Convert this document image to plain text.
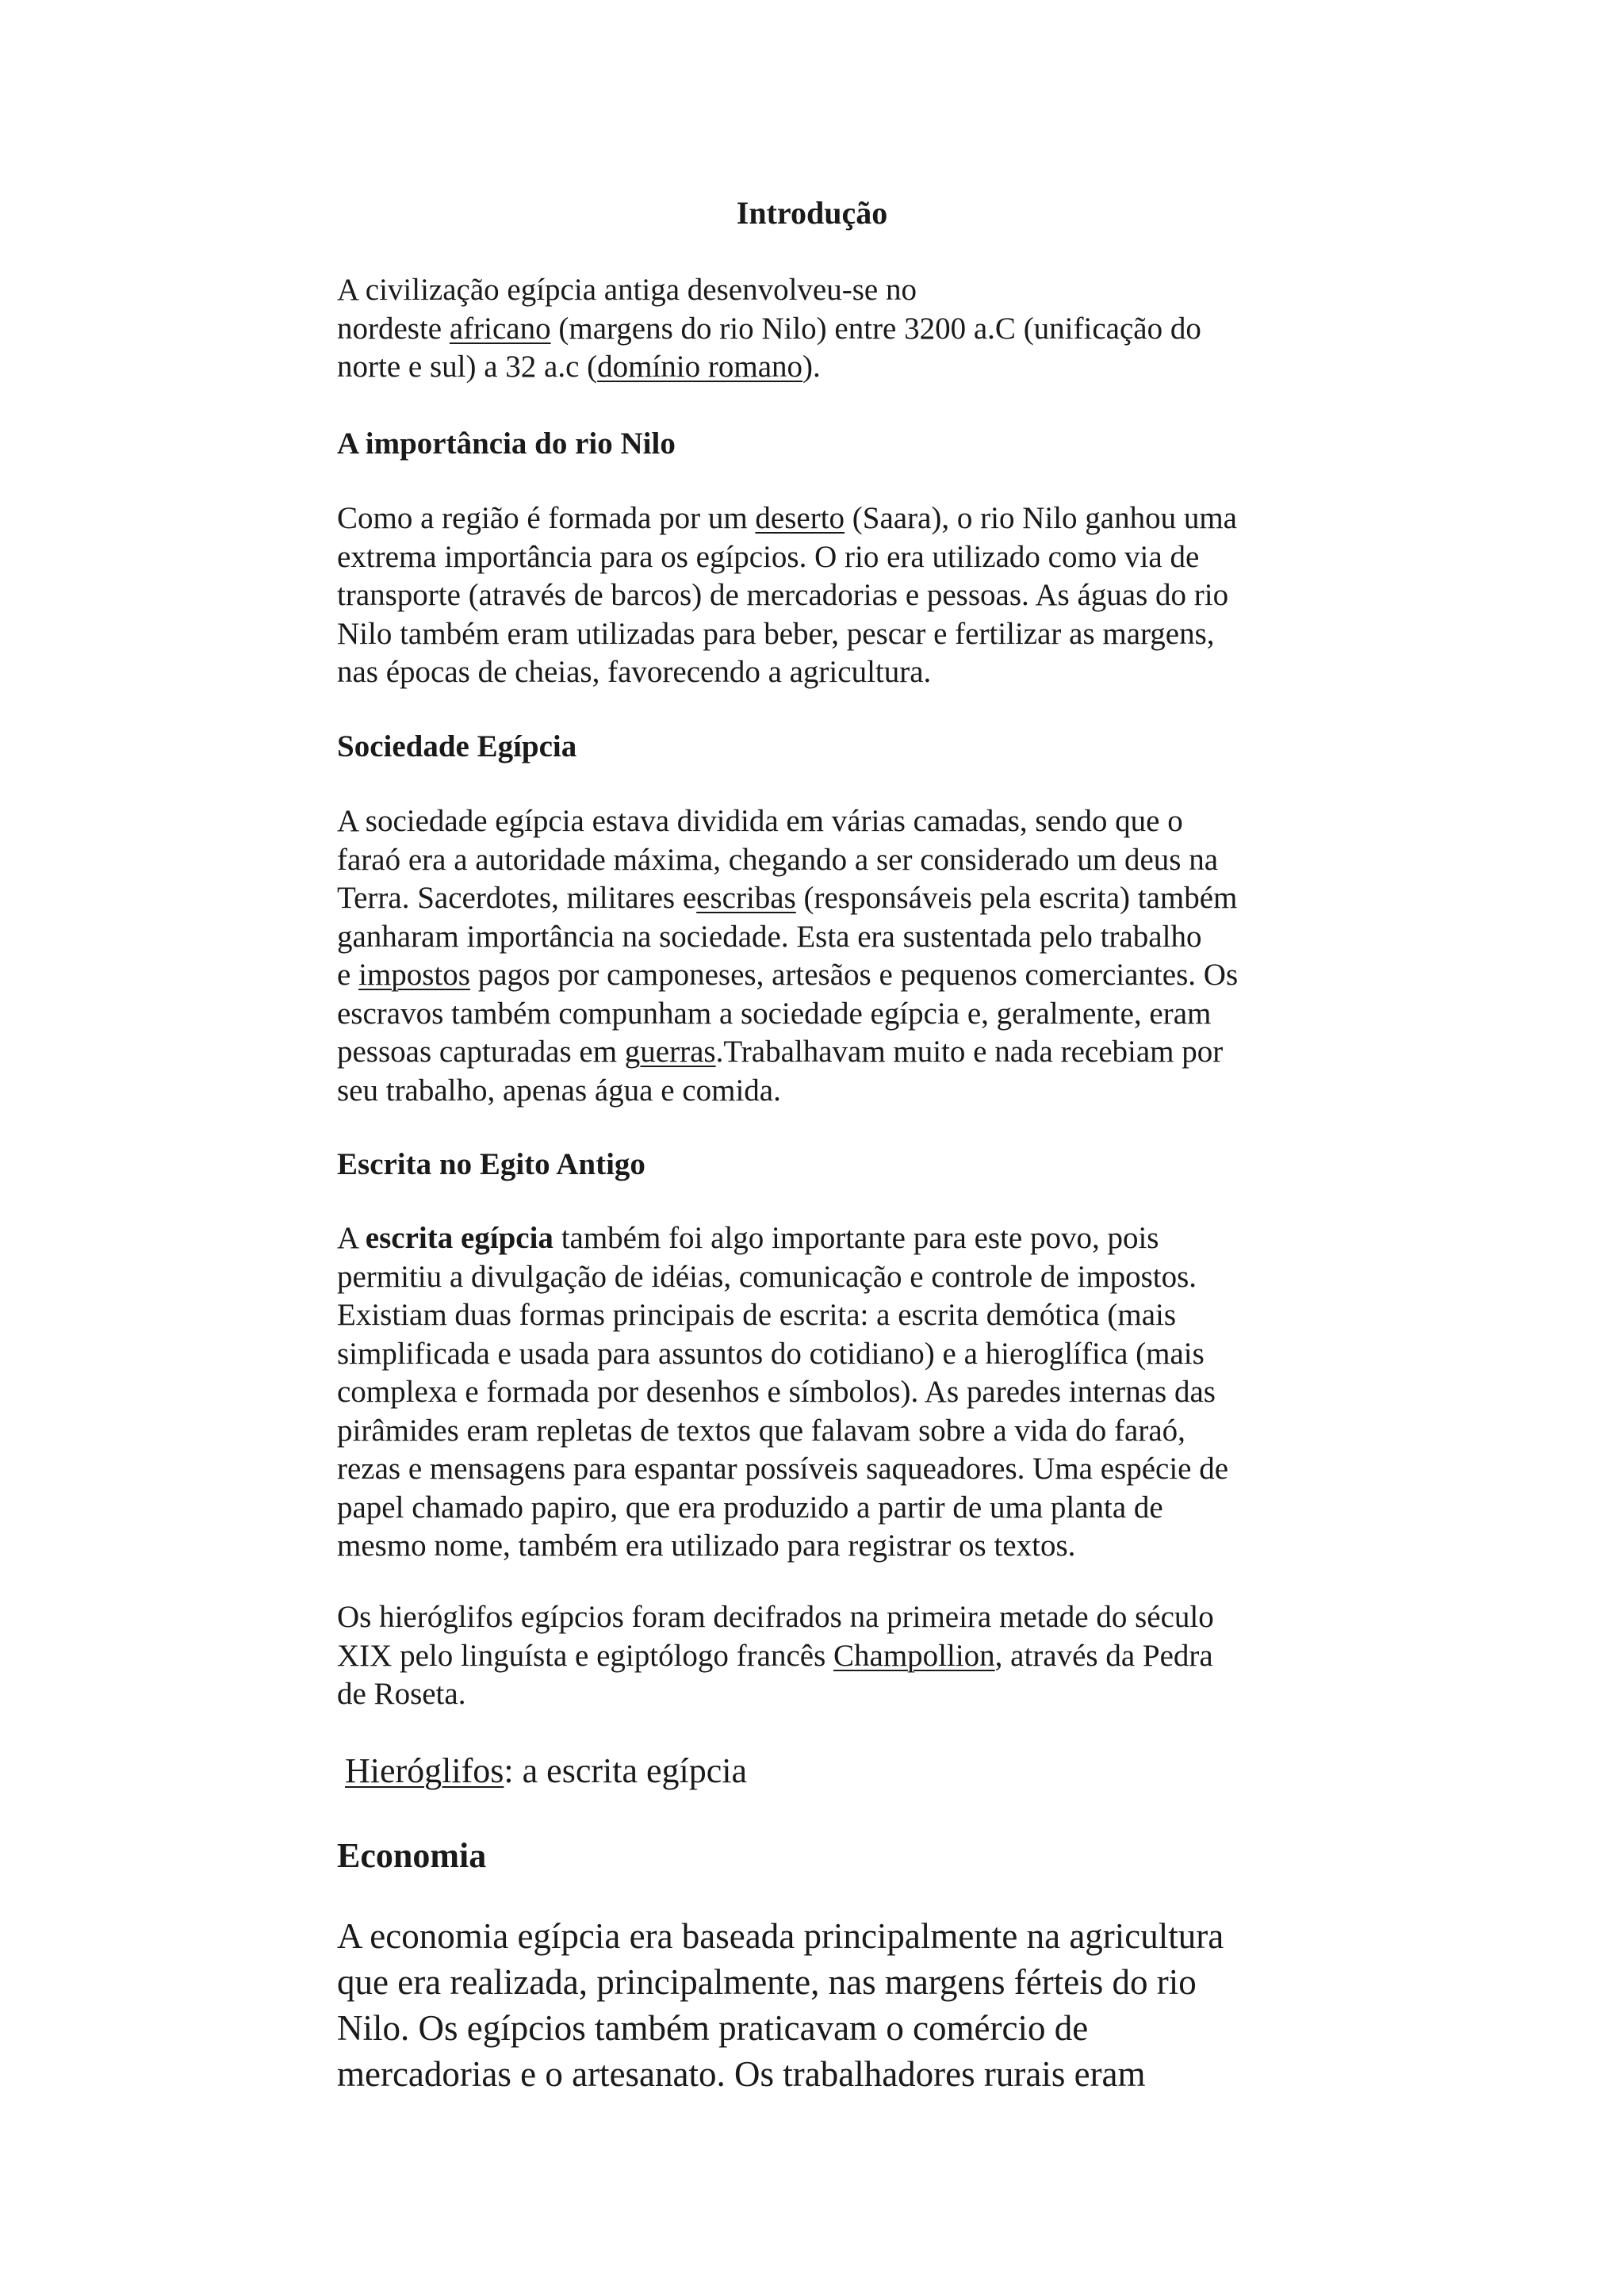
Introdução
A civilização egípcia antiga desenvolveu-se no
nordeste africano (margens do rio Nilo) entre 3200 a.C (unificação do
norte e sul) a 32 a.c (domínio romano).
A importância do rio Nilo
Como a região é formada por um deserto (Saara), o rio Nilo ganhou uma
extrema importância para os egípcios. O rio era utilizado como via de
transporte (através de barcos) de mercadorias e pessoas. As águas do rio
Nilo também eram utilizadas para beber, pescar e fertilizar as margens,
nas épocas de cheias, favorecendo a agricultura.
Sociedade Egípcia
A sociedade egípcia estava dividida em várias camadas, sendo que o
faraó era a autoridade máxima, chegando a ser considerado um deus na
Terra. Sacerdotes, militares eescribas (responsáveis pela escrita) também
ganharam importância na sociedade. Esta era sustentada pelo trabalho
e impostos pagos por camponeses, artesãos e pequenos comerciantes. Os
escravos também compunham a sociedade egípcia e, geralmente, eram
pessoas capturadas em guerras.Trabalhavam muito e nada recebiam por
seu trabalho, apenas água e comida.
Escrita no Egito Antigo
A escrita egípcia também foi algo importante para este povo, pois
permitiu a divulgação de idéias, comunicação e controle de impostos.
Existiam duas formas principais de escrita: a escrita demótica (mais
simplificada e usada para assuntos do cotidiano) e a hieroglífica (mais
complexa e formada por desenhos e símbolos). As paredes internas das
pirâmides eram repletas de textos que falavam sobre a vida do faraó,
rezas e mensagens para espantar possíveis saqueadores. Uma espécie de
papel chamado papiro, que era produzido a partir de uma planta de
mesmo nome, também era utilizado para registrar os textos.
Os hieróglifos egípcios foram decifrados na primeira metade do século
XIX pelo linguísta e egiptólogo francês Champollion, através da Pedra
de Roseta.
Hieróglifos: a escrita egípcia
Economia
A economia egípcia era baseada principalmente na agricultura
que era realizada, principalmente, nas margens férteis do rio
Nilo. Os egípcios também praticavam o comércio de
mercadorias e o artesanato. Os trabalhadores rurais eram
